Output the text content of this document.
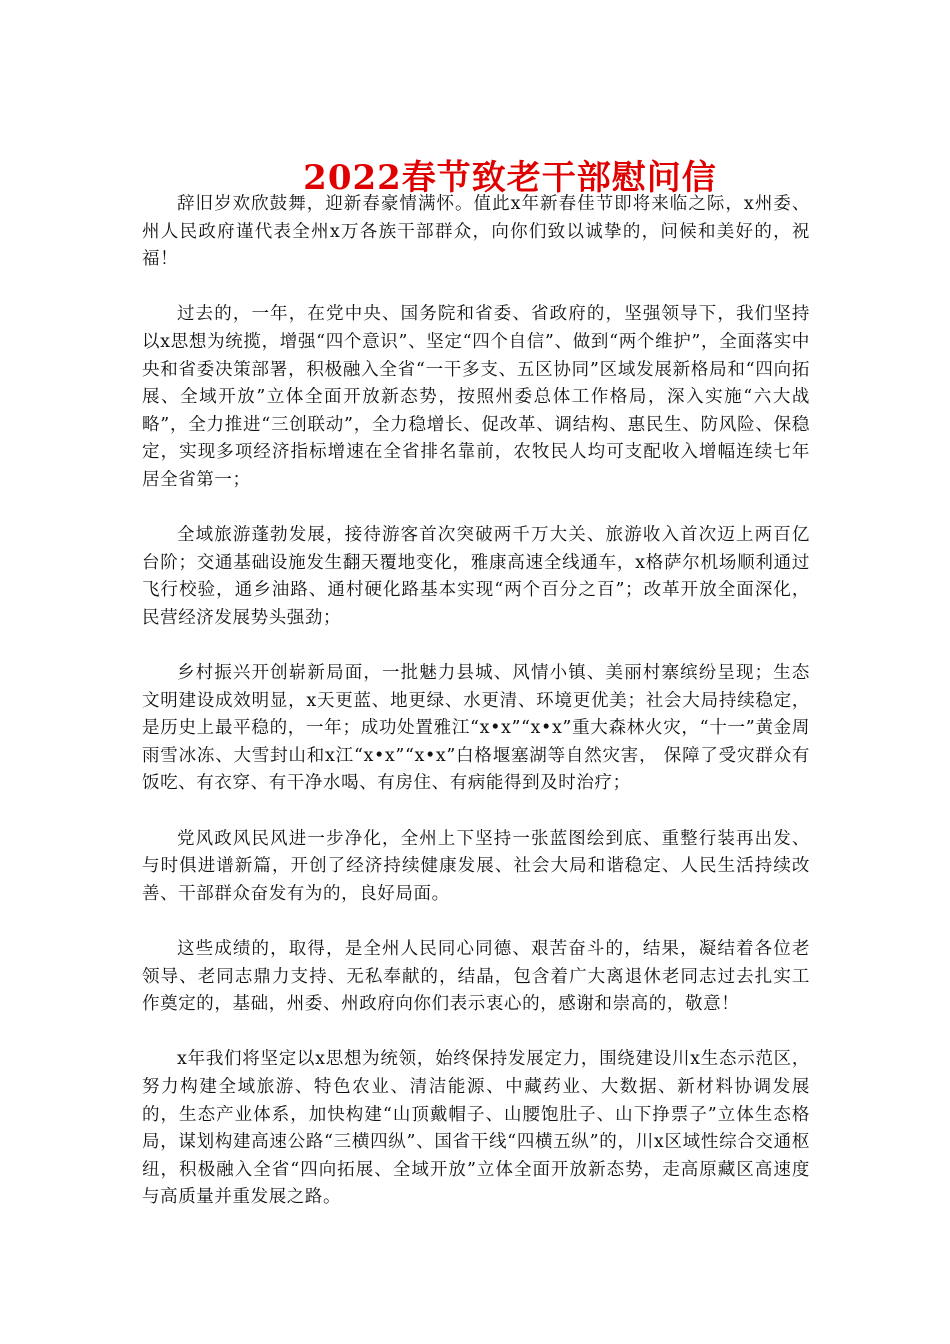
2022春节致老干部慰问信

辞旧岁欢欣鼓舞，迎新春豪情满怀。值此x年新春佳节即将来临之际，x州委、州人民政府谨代表全州x万各族干部群众，向你们致以诚挚的，问候和美好的，祝福！

过去的，一年，在党中央、国务院和省委、省政府的，坚强领导下，我们坚持以x思想为统揽，增强“四个意识”、坚定“四个自信”、做到“两个维护”，全面落实中央和省委决策部署，积极融入全省“一干多支、五区协同”区域发展新格局和“四向拓展、全域开放”立体全面开放新态势，按照州委总体工作格局，深入实施“六大战略”，全力推进“三创联动”，全力稳增长、促改革、调结构、惠民生、防风险、保稳定，实现多项经济指标增速在全省排名靠前，农牧民人均可支配收入增幅连续七年居全省第一；

全域旅游蓬勃发展，接待游客首次突破两千万大关、旅游收入首次迈上两百亿台阶；交通基础设施发生翻天覆地变化，雅康高速全线通车，x格萨尔机场顺利通过飞行校验，通乡油路、通村硬化路基本实现“两个百分之百”；改革开放全面深化，民营经济发展势头强劲；

乡村振兴开创崭新局面，一批魅力县城、风情小镇、美丽村寨缤纷呈现；生态文明建设成效明显，x天更蓝、地更绿、水更清、环境更优美；社会大局持续稳定，是历史上最平稳的，一年；成功处置雅江“x•x”“x•x”重大森林火灾，“十一”黄金周雨雪冰冻、大雪封山和x江“x•x”“x•x”白格堰塞湖等自然灾害， 保障了受灾群众有饭吃、有衣穿、有干净水喝、有房住、有病能得到及时治疗；

党风政风民风进一步净化，全州上下坚持一张蓝图绘到底、重整行装再出发、与时俱进谱新篇，开创了经济持续健康发展、社会大局和谐稳定、人民生活持续改善、干部群众奋发有为的，良好局面。

这些成绩的，取得，是全州人民同心同德、艰苦奋斗的，结果，凝结着各位老领导、老同志鼎力支持、无私奉献的，结晶，包含着广大离退休老同志过去扎实工作奠定的，基础，州委、州政府向你们表示衷心的，感谢和崇高的，敬意！

x年我们将坚定以x思想为统领，始终保持发展定力，围绕建设川x生态示范区，努力构建全域旅游、特色农业、清洁能源、中藏药业、大数据、新材料协调发展的，生态产业体系，加快构建“山顶戴帽子、山腰饱肚子、山下挣票子”立体生态格局，谋划构建高速公路“三横四纵”、国省干线“四横五纵”的，川x区域性综合交通枢纽，积极融入全省“四向拓展、全域开放”立体全面开放新态势，走高原藏区高速度与高质量并重发展之路。
